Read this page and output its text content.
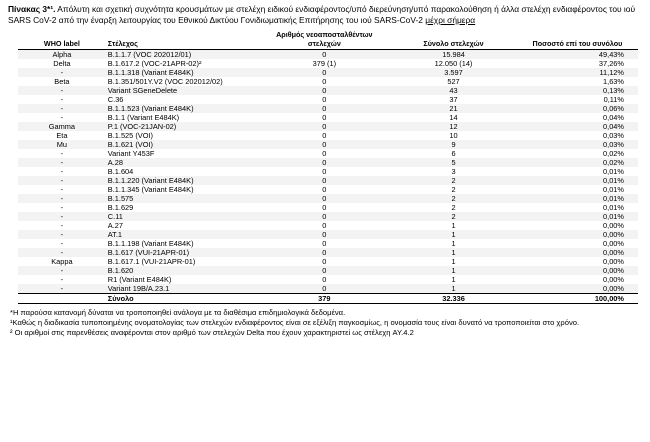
Πίνακας 3*¹. Απόλυτη και σχετική συχνότητα κρουσμάτων με στελέχη ειδικού ενδιαφέροντος/υπό διερεύνηση/υπό παρακολούθηση ή άλλα στελέχη ενδιαφέροντος του ιού SARS CoV-2 από την έναρξη λειτουργίας του Εθνικού Δικτύου Γονιδιωματικής Επιτήρησης του ιού SARS-CoV-2 μέχρι σήμερα
WHO label	Στέλεχος	Αριθμός νεοαποσταλθέντων στελεχών	Σύνολο στελεχών	Ποσοστό επί του συνόλου
Alpha	B.1.1.7 (VOC 202012/01)	0	15.984	49,43%
Delta	B.1.617.2 (VOC-21APR-02)²	379 (1)	12.050 (14)	37,26%
-	B.1.1.318 (Variant E484K)	0	3.597	11,12%
Beta	B.1.351/501Y.V2 (VOC 202012/02)	0	527	1,63%
-	Variant SGeneDelete	0	43	0,13%
-	C.36	0	37	0,11%
-	B.1.1.523 (Variant E484K)	0	21	0,06%
-	B.1.1 (Variant E484K)	0	14	0,04%
Gamma	P.1 (VOC-21JAN-02)	0	12	0,04%
Eta	B.1.525 (VOI)	0	10	0,03%
Mu	B.1.621 (VOI)	0	9	0,03%
-	Variant Y453F	0	6	0,02%
-	A.28	0	5	0,02%
-	B.1.604	0	3	0,01%
-	B.1.1.220 (Variant E484K)	0	2	0,01%
-	B.1.1.345 (Variant E484K)	0	2	0,01%
-	B.1.575	0	2	0,01%
-	B.1.629	0	2	0,01%
-	C.11	0	2	0,01%
-	A.27	0	1	0,00%
-	AT.1	0	1	0,00%
-	B.1.1.198 (Variant E484K)	0	1	0,00%
-	B.1.617 (VUI-21APR-01)	0	1	0,00%
Kappa	B.1.617.1 (VUI-21APR-01)	0	1	0,00%
-	B.1.620	0	1	0,00%
-	R1 (Variant E484K)	0	1	0,00%
-	Variant 19B/A.23.1	0	1	0,00%
	Σύνολο	379	32.336	100,00%
*Η παρούσα κατανομή δύναται να τροποποιηθεί ανάλογα με τα διαθέσιμα επιδημιολογικά δεδομένα.
¹Καθώς η διαδικασία τυποποιημένης ονοματολογίας των στελεχών ενδιαφέροντος είναι σε εξέλιξη παγκοσμίως, η ονομασία τους είναι δυνατό να τροποποιείται στο χρόνο.
² Οι αριθμοί στις παρενθέσεις αναφέρονται στον αριθμό των στελεχών Delta που έχουν χαρακτηριστεί ως στέλεχη AY.4.2
